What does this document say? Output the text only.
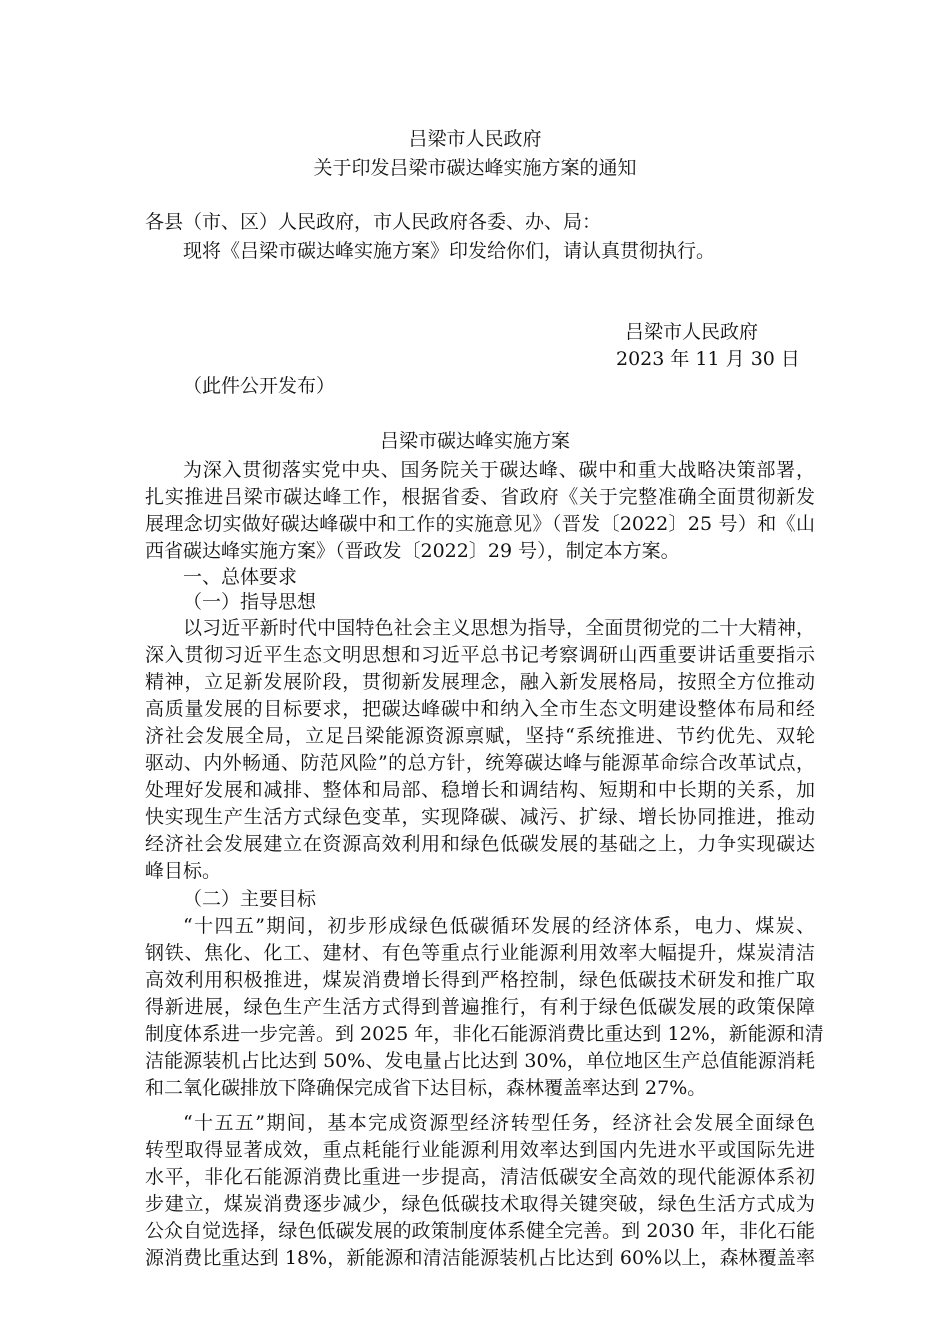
吕梁市人民政府
关于印发吕梁市碳达峰实施方案的通知
各县（市、区）人民政府，市人民政府各委、办、局：
现将《吕梁市碳达峰实施方案》印发给你们，请认真贯彻执行。
吕梁市人民政府
2023 年 11 月 30 日
（此件公开发布）
吕梁市碳达峰实施方案
为深入贯彻落实党中央、国务院关于碳达峰、碳中和重大战略决策部署，
扎实推进吕梁市碳达峰工作，根据省委、省政府《关于完整准确全面贯彻新发
展理念切实做好碳达峰碳中和工作的实施意见》（晋发〔2022〕25 号）和《山
西省碳达峰实施方案》（晋政发〔2022〕29 号），制定本方案。
一、总体要求
（一）指导思想
以习近平新时代中国特色社会主义思想为指导，全面贯彻党的二十大精神，
深入贯彻习近平生态文明思想和习近平总书记考察调研山西重要讲话重要指示
精神，立足新发展阶段，贯彻新发展理念，融入新发展格局，按照全方位推动
高质量发展的目标要求，把碳达峰碳中和纳入全市生态文明建设整体布局和经
济社会发展全局，立足吕梁能源资源禀赋，坚持“系统推进、节约优先、双轮
驱动、内外畅通、防范风险”的总方针，统筹碳达峰与能源革命综合改革试点，
处理好发展和减排、整体和局部、稳增长和调结构、短期和中长期的关系，加
快实现生产生活方式绿色变革，实现降碳、减污、扩绿、增长协同推进，推动
经济社会发展建立在资源高效利用和绿色低碳发展的基础之上，力争实现碳达
峰目标。
（二）主要目标
“十四五”期间，初步形成绿色低碳循环发展的经济体系，电力、煤炭、
钢铁、焦化、化工、建材、有色等重点行业能源利用效率大幅提升，煤炭清洁
高效利用积极推进，煤炭消费增长得到严格控制，绿色低碳技术研发和推广取
得新进展，绿色生产生活方式得到普遍推行，有利于绿色低碳发展的政策保障
制度体系进一步完善。到 2025 年，非化石能源消费比重达到 12%，新能源和清
洁能源装机占比达到 50%、发电量占比达到 30%，单位地区生产总值能源消耗
和二氧化碳排放下降确保完成省下达目标，森林覆盖率达到 27%。
“十五五”期间，基本完成资源型经济转型任务，经济社会发展全面绿色
转型取得显著成效，重点耗能行业能源利用效率达到国内先进水平或国际先进
水平，非化石能源消费比重进一步提高，清洁低碳安全高效的现代能源体系初
步建立，煤炭消费逐步减少，绿色低碳技术取得关键突破，绿色生活方式成为
公众自觉选择，绿色低碳发展的政策制度体系健全完善。到 2030 年，非化石能
源消费比重达到 18%，新能源和清洁能源装机占比达到 60%以上，森林覆盖率
